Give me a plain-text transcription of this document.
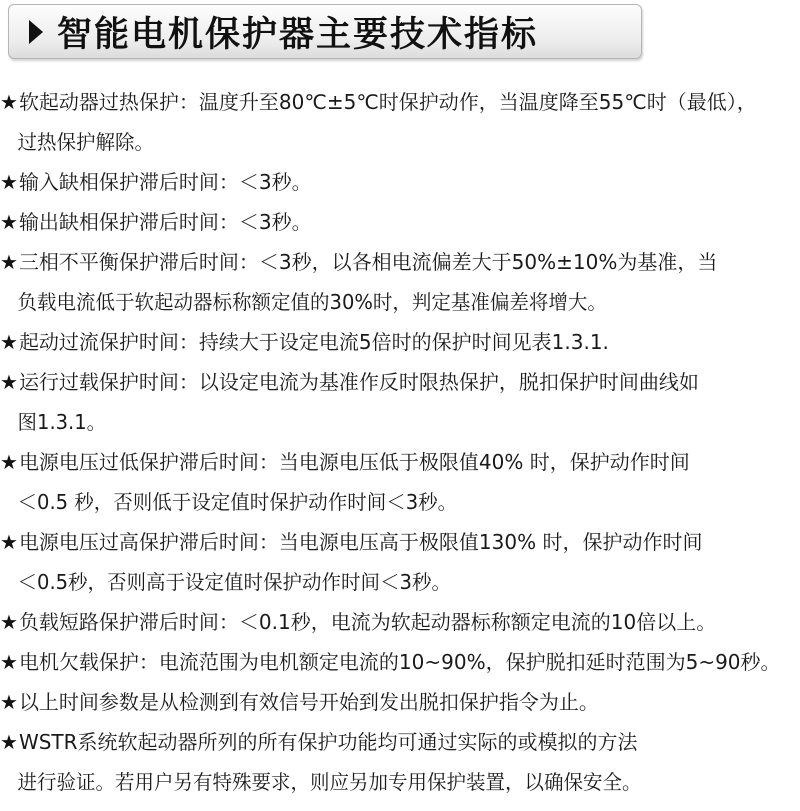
智能电机保护器主要技术指标
★软起动器过热保护：温度升至80℃±5℃时保护动作，当温度降至55℃时（最低），
过热保护解除。
★输入缺相保护滞后时间：＜3秒。
★输出缺相保护滞后时间：＜3秒。
★三相不平衡保护滞后时间：＜3秒，以各相电流偏差大于50%±10%为基准，当
负载电流低于软起动器标称额定值的30%时，判定基准偏差将增大。
★起动过流保护时间：持续大于设定电流5倍时的保护时间见表1.3.1.
★运行过载保护时间：以设定电流为基准作反时限热保护，脱扣保护时间曲线如
图1.3.1。
★电源电压过低保护滞后时间：当电源电压低于极限值40% 时，保护动作时间
＜0.5 秒，否则低于设定值时保护动作时间＜3秒。
★电源电压过高保护滞后时间：当电源电压高于极限值130% 时，保护动作时间
＜0.5秒，否则高于设定值时保护动作时间＜3秒。
★负载短路保护滞后时间：＜0.1秒，电流为软起动器标称额定电流的10倍以上。
★电机欠载保护：电流范围为电机额定电流的10~90%，保护脱扣延时范围为5~90秒。
★以上时间参数是从检测到有效信号开始到发出脱扣保护指令为止。
★WSTR系统软起动器所列的所有保护功能均可通过实际的或模拟的方法
进行验证。若用户另有特殊要求，则应另加专用保护装置，以确保安全。
